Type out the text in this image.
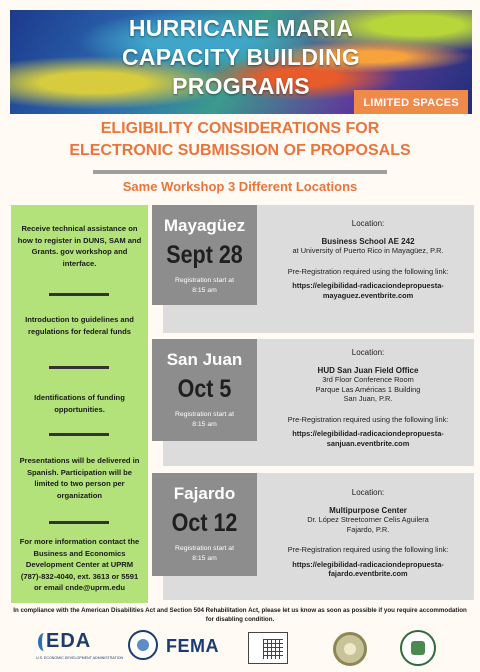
HURRICANE MARIA
CAPACITY BUILDING
PROGRAMS
LIMITED SPACES
ELIGIBILITY CONSIDERATIONS FOR
ELECTRONIC SUBMISSION OF PROPOSALS
Same Workshop 3 Different Locations
Receive technical assistance on how to register in DUNS, SAM and Grants. gov workshop and interface.
Introduction to guidelines and regulations for federal funds
Identifications of funding opportunities.
Presentations will be delivered in Spanish. Participation will be limited to two person per organization
For more information contact the Business and Economics Development Center at UPRM (787)-832-4040, ext. 3613 or 5591 or email cnde@uprm.edu
Mayagüez
Sept 28
Registration start at
8:15 am
Location:
Business School AE 242
at University of Puerto Rico in Mayagüez, P.R.
Pre-Registration required using the following link:
https://elegibilidad-radicaciondepropuesta-
mayaguez.eventbrite.com
San Juan
Oct 5
Registration start at
8:15 am
Location:
HUD San Juan Field Office
3rd Floor Conference Room
Parque Las Américas 1 Building
San Juan, P.R.
Pre-Registration required using the following link:
https://elegibilidad-radicaciondepropuesta-
sanjuan.eventbrite.com
Fajardo
Oct 12
Registration start at
8:15 am
Location:
Multipurpose Center
Dr. López Streetcorner Celis Aguilera
Fajardo, P.R.
Pre-Registration required using the following link:
https://elegibilidad-radicaciondepropuesta-
fajardo.eventbrite.com
In compliance with the American Disabilities Act and Section 504 Rehabilitation Act, please let us know as soon as possible if you require accommodation for disabling condition.
EDA
U.S. ECONOMIC DEVELOPMENT ADMINISTRATION
FEMA
